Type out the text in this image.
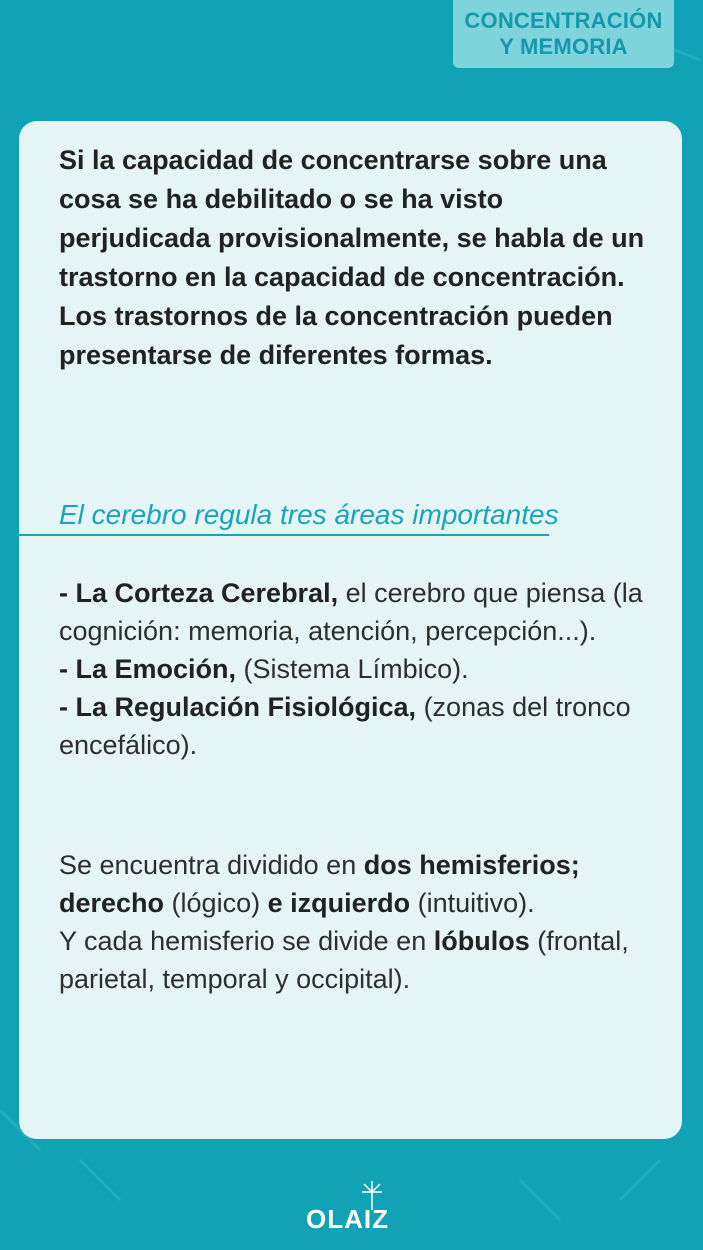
CONCENTRACIÓN
Y MEMORIA

Si la capacidad de concentrarse sobre una cosa se ha debilitado o se ha visto perjudicada provisionalmente, se habla de un trastorno en la capacidad de concentración. Los trastornos de la concentración pueden presentarse de diferentes formas.

El cerebro regula tres áreas importantes

- La Corteza Cerebral, el cerebro que piensa (la cognición: memoria, atención, percepción...).

- La Emoción, (Sistema Límbico).

- La Regulación Fisiológica, (zonas del tronco encefálico).

Se encuentra dividido en dos hemisferios; derecho (lógico) e izquierdo (intuitivo).

Y cada hemisferio se divide en lóbulos (frontal, parietal, temporal y occipital).

OLAIZ
